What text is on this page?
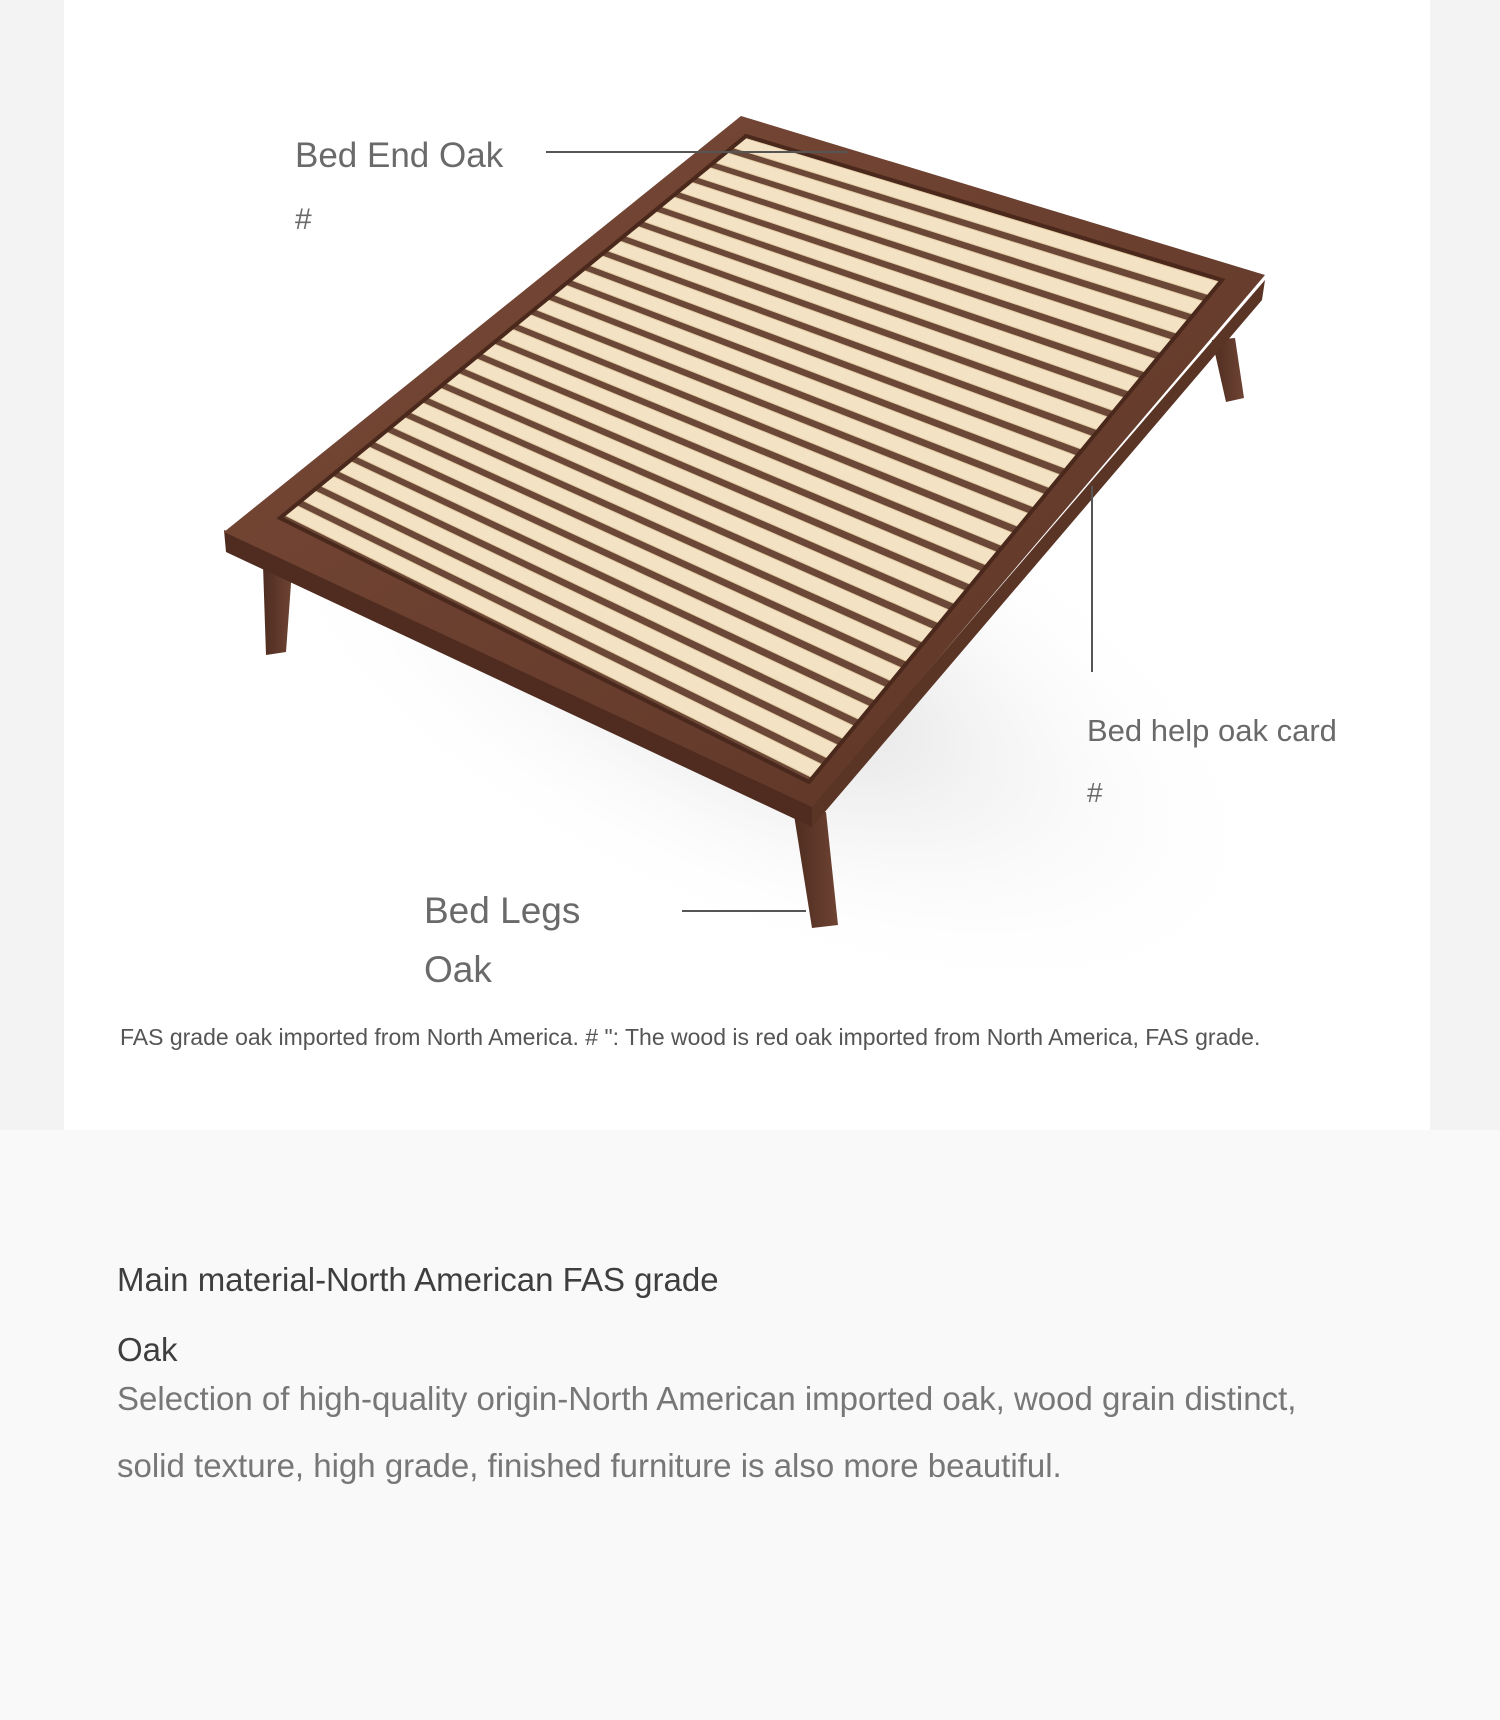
Bed End Oak
#
Bed help oak card
#
Bed Legs
Oak
FAS grade oak imported from North America. # ": The wood is red oak imported from North America, FAS grade.
Main material-North American FAS grade
Oak

Selection of high-quality origin-North American imported oak, wood grain distinct, solid texture, high grade, finished furniture is also more beautiful.
